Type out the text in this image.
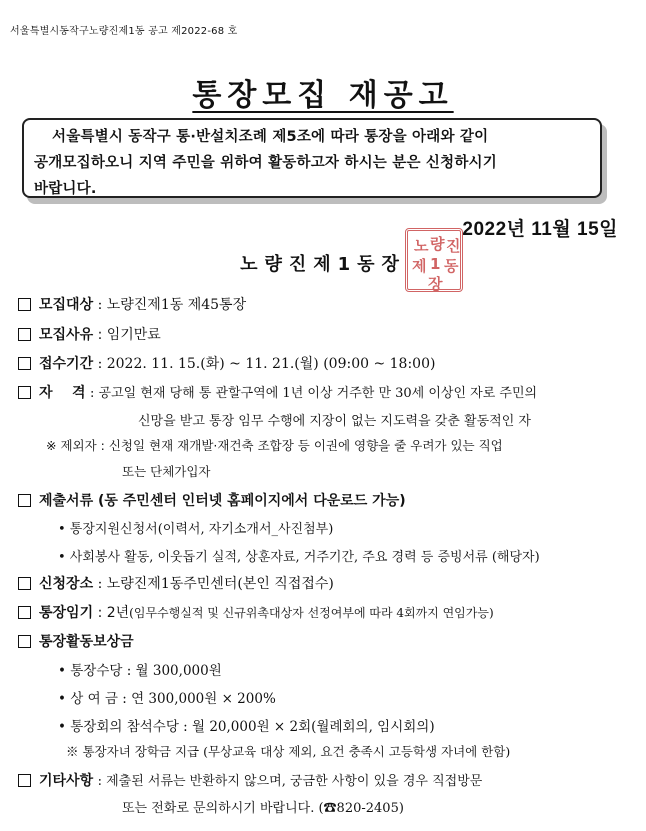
서울특별시동작구노량진제1동 공고 제2022-68 호
통장모집 재공고
서울특별시 동작구 통·반설치조례 제5조에 따라 통장을 아래와 같이
공개모집하오니 지역 주민을 위하여 활동하고자 하시는 분은 신청하시기
바랍니다.
2022년 11월 15일
노 량 진
제 1 동
장
노량진제1동장
모집대상 : 노량진제1동 제45통장
모집사유 : 임기만료
접수기간 : 2022. 11. 15.(화) ~ 11. 21.(월) (09:00 ~ 18:00)
자    격 : 공고일 현재 당해 통 관할구역에 1년 이상 거주한 만 30세 이상인 자로 주민의
신망을 받고 통장 임무 수행에 지장이 없는 지도력을 갖춘 활동적인 자
※ 제외자 : 신청일 현재 재개발·재건축 조합장 등 이권에 영향을 줄 우려가 있는 직업
또는 단체가입자
제출서류 (동 주민센터 인터넷 홈페이지에서 다운로드 가능)
• 통장지원신청서(이력서, 자기소개서_사진첨부)
• 사회봉사 활동, 이웃돕기 실적, 상훈자료, 거주기간, 주요 경력 등 증빙서류 (해당자)
신청장소 : 노량진제1동주민센터(본인 직접접수)
통장임기 : 2년(임무수행실적 및 신규위촉대상자 선정여부에 따라 4회까지 연임가능)
통장활동보상금
• 통장수당 : 월 300,000원
• 상 여 금 : 연 300,000원 × 200%
• 통장회의 참석수당 : 월 20,000원 × 2회(월례회의, 임시회의)
※ 통장자녀 장학금 지급 (무상교육 대상 제외, 요건 충족시 고등학생 자녀에 한함)
기타사항 : 제출된 서류는 반환하지 않으며, 궁금한 사항이 있을 경우 직접방문
또는 전화로 문의하시기 바랍니다. (☎820-2405)
